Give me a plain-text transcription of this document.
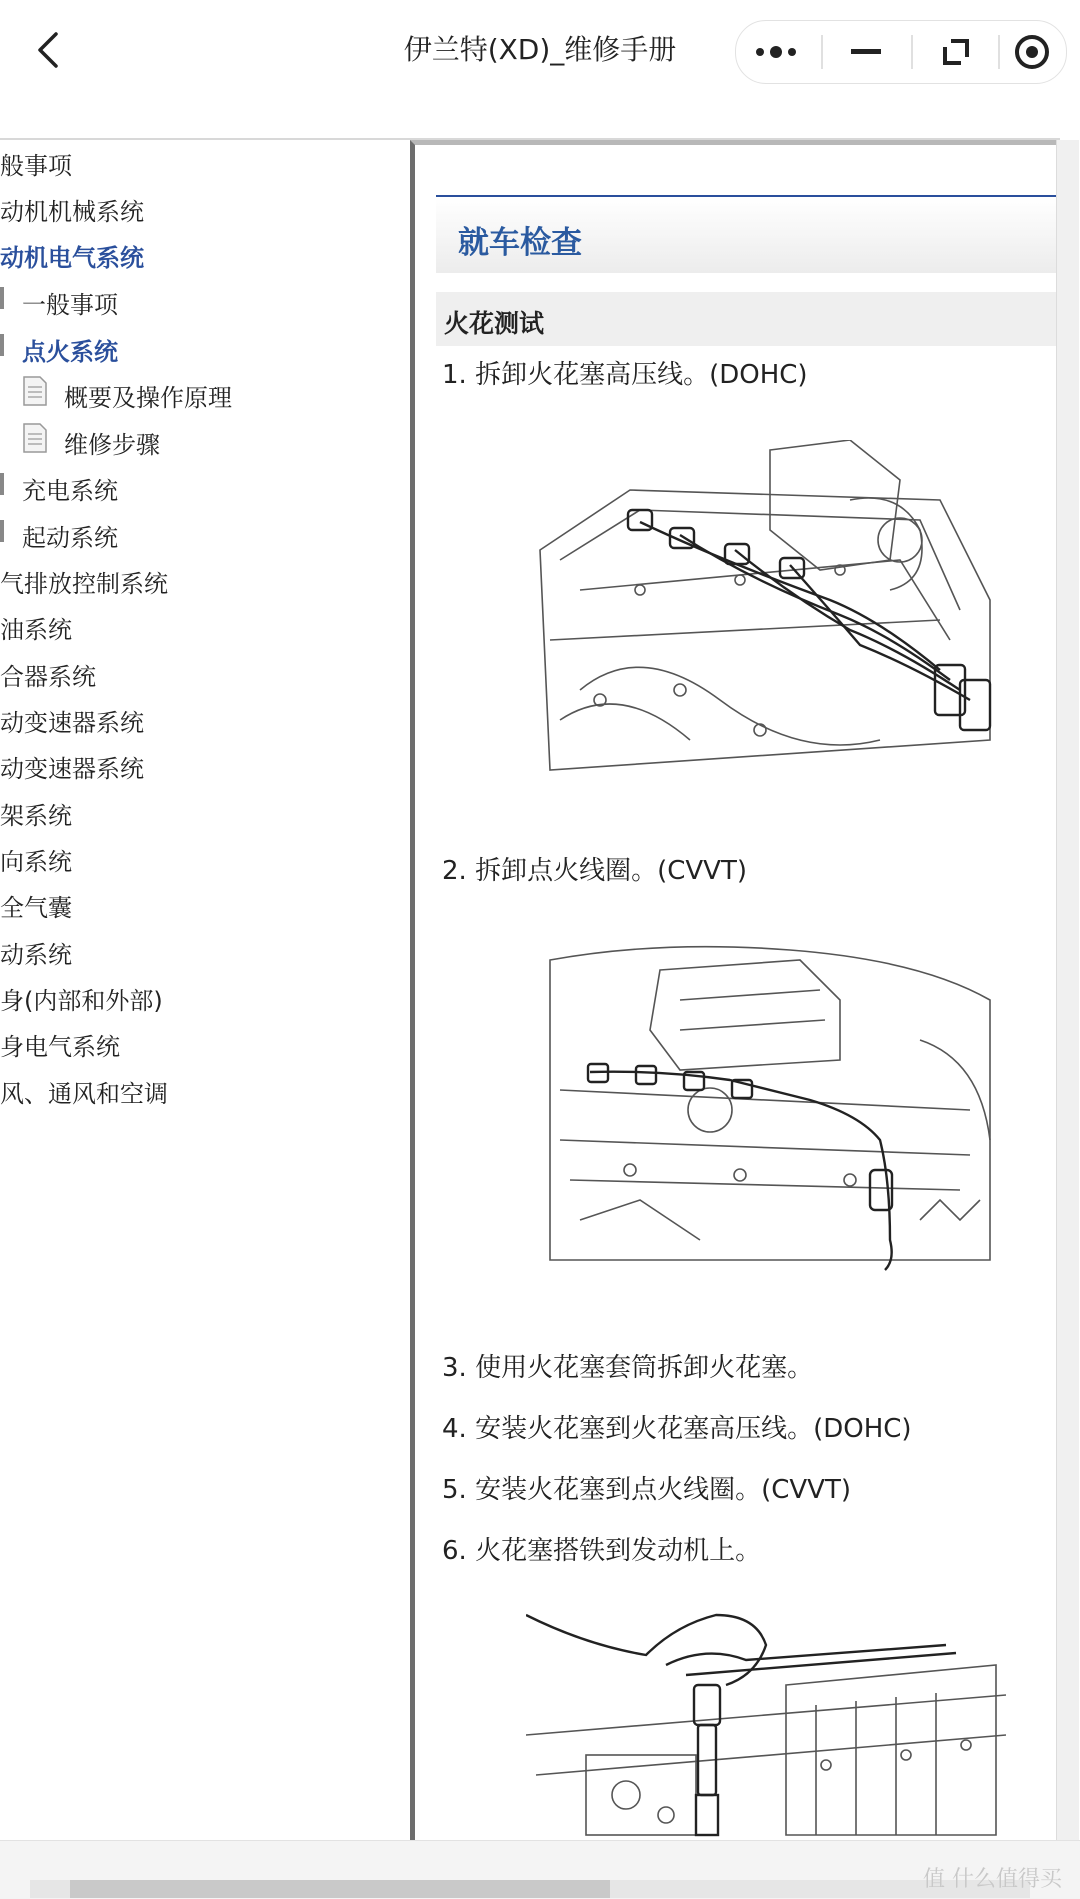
伊兰特(XD)_维修手册
般事项
动机机械系统
动机电气系统
一般事项
点火系统
概要及操作原理
维修步骤
充电系统
起动系统
气排放控制系统
油系统
合器系统
动变速器系统
动变速器系统
架系统
向系统
全气囊
动系统
身(内部和外部)
身电气系统
风、通风和空调
就车检查
火花测试
1. 拆卸火花塞高压线。(DOHC)
2. 拆卸点火线圈。(CVVT)
3. 使用火花塞套筒拆卸火花塞。
4. 安装火花塞到火花塞高压线。(DOHC)
5. 安装火花塞到点火线圈。(CVVT)
6. 火花塞搭铁到发动机上。
值 什么值得买
